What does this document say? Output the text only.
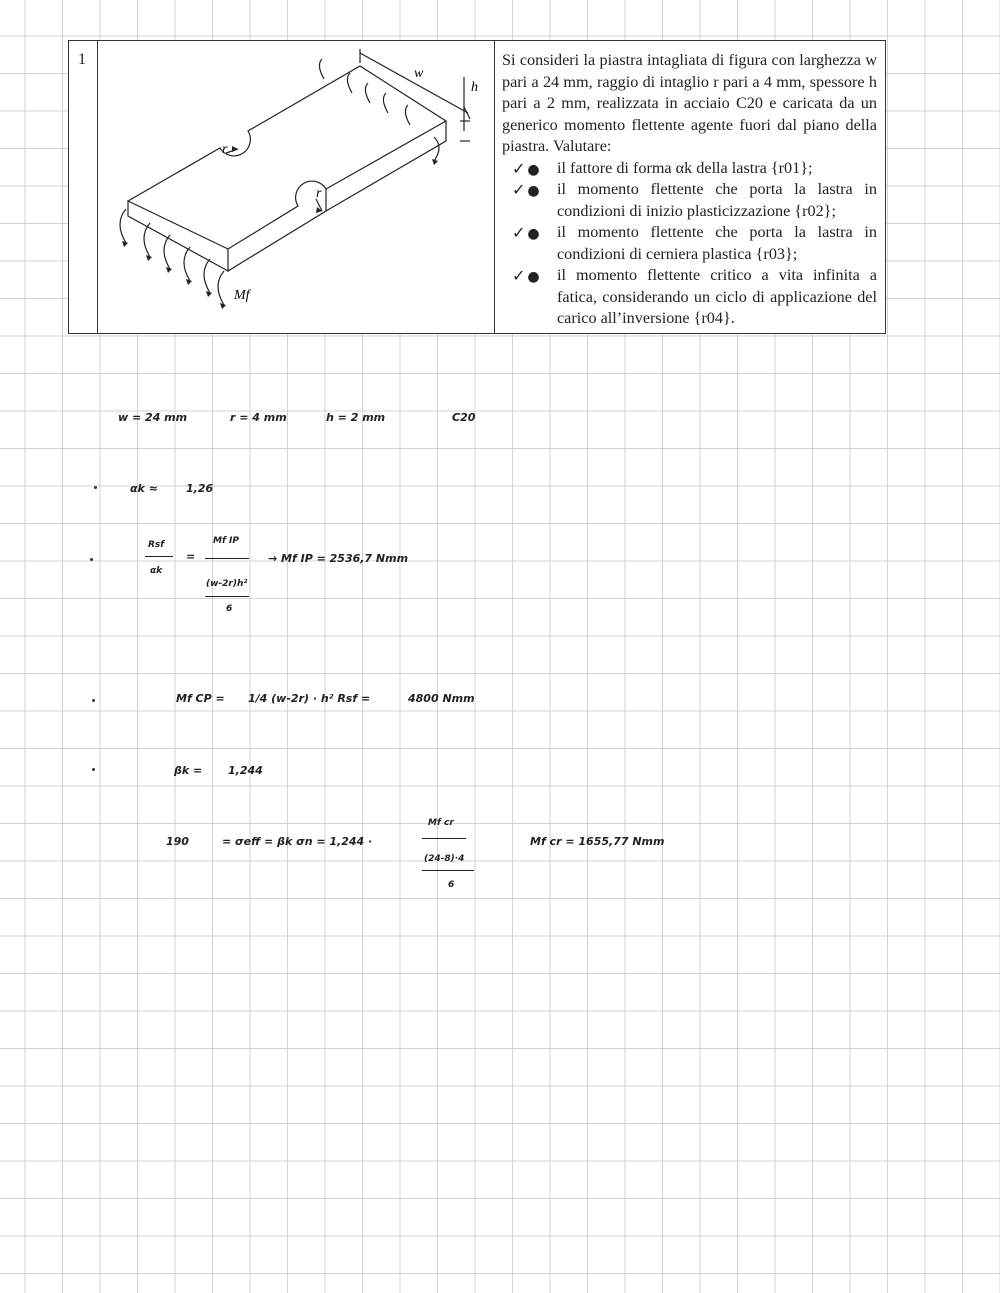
1
w
h
r
r
Mf

Si consideri la piastra intagliata di figura con larghezza w pari a 24 mm, raggio di intaglio r pari a 4 mm, spessore h pari a 2 mm, realizzata in acciaio C20 e caricata da un generico momento flettente agente fuori dal piano della piastra. Valutare:

✓ ●	il fattore di forma αk della lastra {r01};
✓ ●	il momento flettente che porta la lastra in condizioni di inizio plasticizzazione {r02};
✓ ●	il momento flettente che porta la lastra in condizioni di cerniera plastica {r03};
✓ ●	il momento flettente critico a vita infinita a fatica, considerando un ciclo di applicazione del carico all’inversione {r04}.
w = 24 mm	r = 4 mm	h = 2 mm	C20
αk ≈	1,26
Rsf
αk
=
Mf IP
(w-2r)h²
6
→ Mf IP = 2536,7 Nmm
Mf CP = 1/4 (w-2r) · h² Rsf =	4800 Nmm
βk = 1,244
190	= σeff = βk σn = 1,244 ·
Mf cr
(24-8)·4
6
Mf cr = 1655,77 Nmm
